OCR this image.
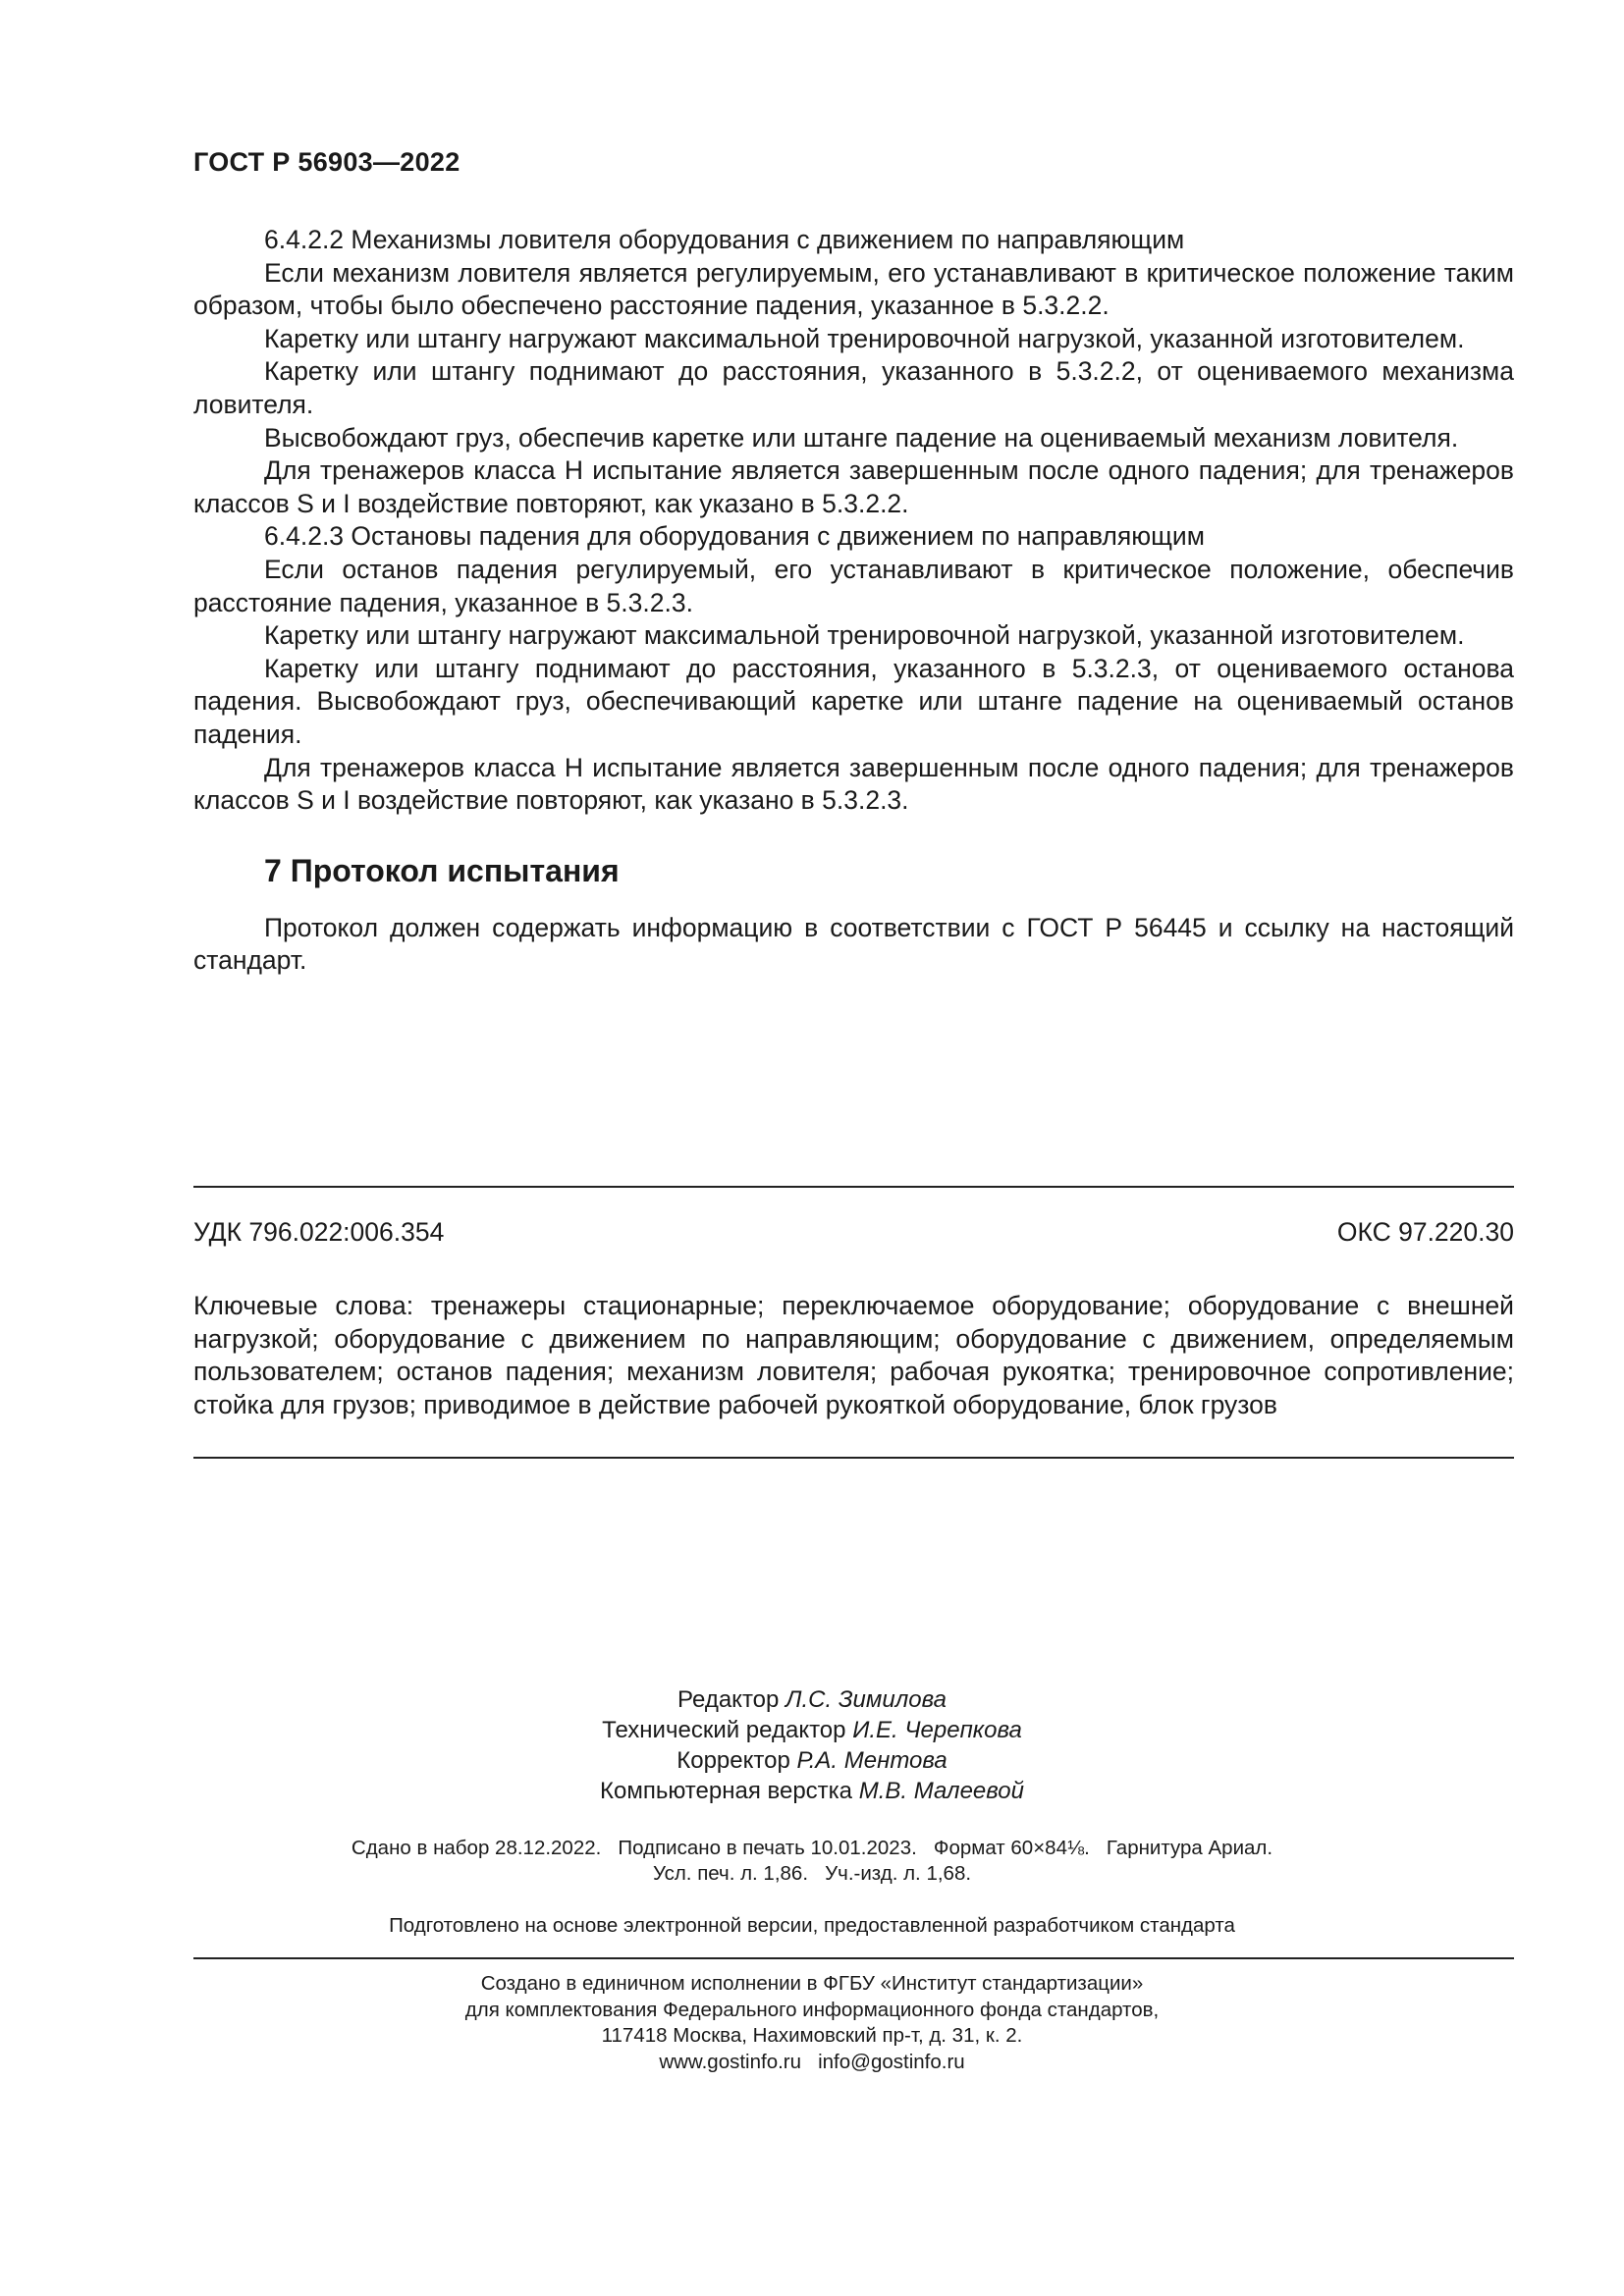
ГОСТ Р 56903—2022

6.4.2.2 Механизмы ловителя оборудования с движением по направляющим

Если механизм ловителя является регулируемым, его устанавливают в критическое положение таким образом, чтобы было обеспечено расстояние падения, указанное в 5.3.2.2.

Каретку или штангу нагружают максимальной тренировочной нагрузкой, указанной изготовителем.

Каретку или штангу поднимают до расстояния, указанного в 5.3.2.2, от оцениваемого механизма ловителя.

Высвобождают груз, обеспечив каретке или штанге падение на оцениваемый механизм ловителя.

Для тренажеров класса H испытание является завершенным после одного падения; для тренажеров классов S и I воздействие повторяют, как указано в 5.3.2.2.

6.4.2.3 Остановы падения для оборудования с движением по направляющим

Если останов падения регулируемый, его устанавливают в критическое положение, обеспечив расстояние падения, указанное в 5.3.2.3.

Каретку или штангу нагружают максимальной тренировочной нагрузкой, указанной изготовителем.

Каретку или штангу поднимают до расстояния, указанного в 5.3.2.3, от оцениваемого останова падения. Высвобождают груз, обеспечивающий каретке или штанге падение на оцениваемый останов падения.

Для тренажеров класса H испытание является завершенным после одного падения; для тренажеров классов S и I воздействие повторяют, как указано в 5.3.2.3.

7 Протокол испытания

Протокол должен содержать информацию в соответствии с ГОСТ Р 56445 и ссылку на настоящий стандарт.

УДК 796.022:006.354	ОКС 97.220.30

Ключевые слова: тренажеры стационарные; переключаемое оборудование; оборудование с внешней нагрузкой; оборудование с движением по направляющим; оборудование с движением, определяемым пользователем; останов падения; механизм ловителя; рабочая рукоятка; тренировочное сопротивление; стойка для грузов; приводимое в действие рабочей рукояткой оборудование, блок грузов

Редактор Л.С. Зимилова
Технический редактор И.Е. Черепкова
Корректор Р.А. Ментова
Компьютерная верстка М.В. Малеевой
Сдано в набор 28.12.2022.   Подписано в печать 10.01.2023.   Формат 60×84⅛.   Гарнитура Ариал.
Усл. печ. л. 1,86.   Уч.-изд. л. 1,68.
Подготовлено на основе электронной версии, предоставленной разработчиком стандарта
Создано в единичном исполнении в ФГБУ «Институт стандартизации»
для комплектования Федерального информационного фонда стандартов,
117418 Москва, Нахимовский пр-т, д. 31, к. 2.
www.gostinfo.ru   info@gostinfo.ru
